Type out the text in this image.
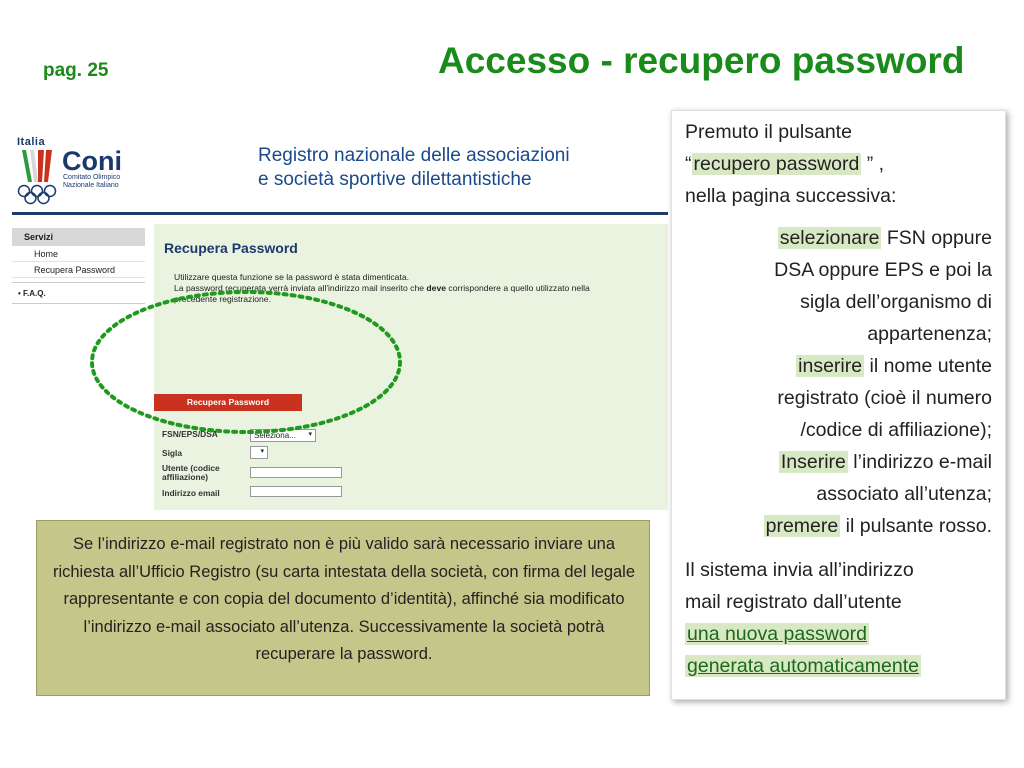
pag. 25	Accesso - recupero password
Italia
Coni
Comitato Olimpico
Nazionale Italiano
Registro nazionale delle associazioni
e società sportive dilettantistiche
Servizi
Home
Recupera Password
• F.A.Q.
Recupera Password
Utilizzare questa funzione se la password è stata dimenticata.
La password recuperata verrà inviata all'indirizzo mail inserito che deve corrispondere a quello utilizzato nella
precedente registrazione.
FSN/EPS/DSA	Seleziona... ▾
Sigla	▾
Utente (codice affiliazione)
Indirizzo email
Recupera Password
Premuto il pulsante
“ recupero password ” ,
nella pagina successiva:
selezionare FSN oppure
DSA oppure EPS e poi la
sigla dell’organismo di
appartenenza;
inserire il nome utente
registrato (cioè il numero
/codice di affiliazione);
Inserire l’indirizzo e-mail
associato all’utenza;
premere il pulsante rosso.
Il sistema invia all’indirizzo
mail registrato dall’utente
una nuova password
generata automaticamente
Se l’indirizzo e-mail registrato non è più valido sarà necessario inviare una richiesta all’Ufficio Registro (su carta intestata della società, con firma del legale rappresentante e con copia del documento d’identità), affinché sia modificato l’indirizzo e-mail associato all’utenza. Successivamente la società potrà recuperare la password.
